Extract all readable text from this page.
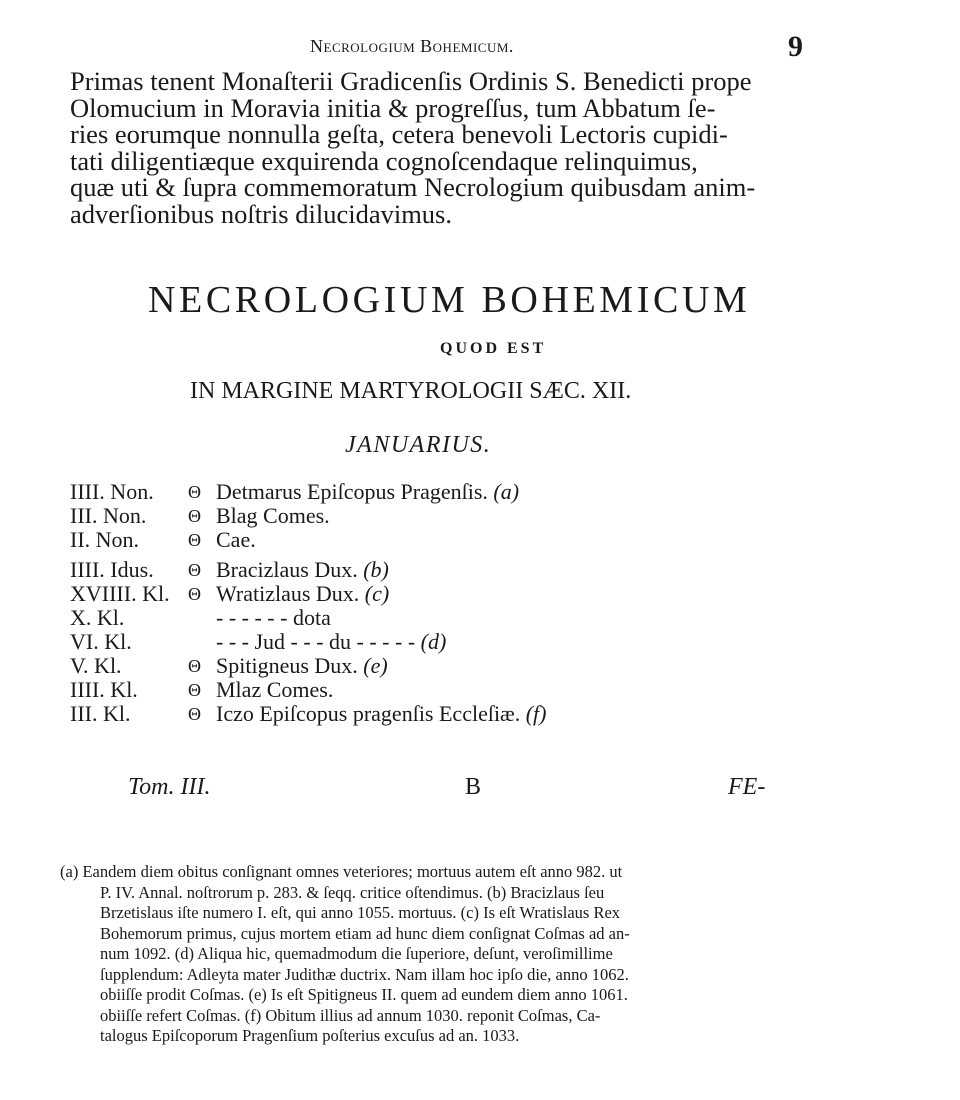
Necrologium Bohemicum.	9
Primas tenent Monaſterii Gradicenſis Ordinis S. Benedicti prope
Olomucium in Moravia initia & progreſſus, tum Abbatum ſe-
ries eorumque nonnulla geſta, cetera benevoli Lectoris cupidi-
tati diligentiæque exquirenda cognoſcendaque relinquimus,
quæ uti & ſupra commemoratum Necrologium quibusdam anim-
adverſionibus noſtris dilucidavimus.
NECROLOGIUM BOHEMICUM
QUOD EST
IN MARGINE MARTYROLOGII SÆC. XII.
JANUARIUS.
IIII. Non. Θ Detmarus Epiſcopus Pragenſis. (a)
III. Non. Θ Blag Comes.
II. Non.	Θ Cae.
IIII. Idus. Θ Bracizlaus Dux. (b)
XVIIII. Kl. Θ Wratizlaus Dux. (c)
X. Kl.	- - - - - - dota
VI. Kl.	- - - Jud - - - du - - - - - (d)
V. Kl.	Θ Spitigneus Dux. (e)
IIII. Kl.	Θ Mlaz Comes.
III. Kl.	Θ Iczo Epiſcopus pragenſis Eccleſiæ. (f)
Tom. III.	B	FE-
(a) Eandem diem obitus conſignant omnes veteriores; mortuus autem eſt anno 982. ut
P. IV. Annal. noſtrorum p. 283. & ſeqq. critice oſtendimus. (b) Bracizlaus ſeu
Brzetislaus iſte numero I. eſt, qui anno 1055. mortuus. (c) Is eſt Wratislaus Rex
Bohemorum primus, cujus mortem etiam ad hunc diem conſignat Coſmas ad an-
num 1092. (d) Aliqua hic, quemadmodum die ſuperiore, deſunt, veroſimillime
ſupplendum: Adleyta mater Judithæ ductrix. Nam illam hoc ipſo die, anno 1062.
obiiſſe prodit Coſmas. (e) Is eſt Spitigneus II. quem ad eundem diem anno 1061.
obiiſſe refert Coſmas. (f) Obitum illius ad annum 1030. reponit Coſmas, Ca-
talogus Epiſcoporum Pragenſium poſterius excuſus ad an. 1033.
